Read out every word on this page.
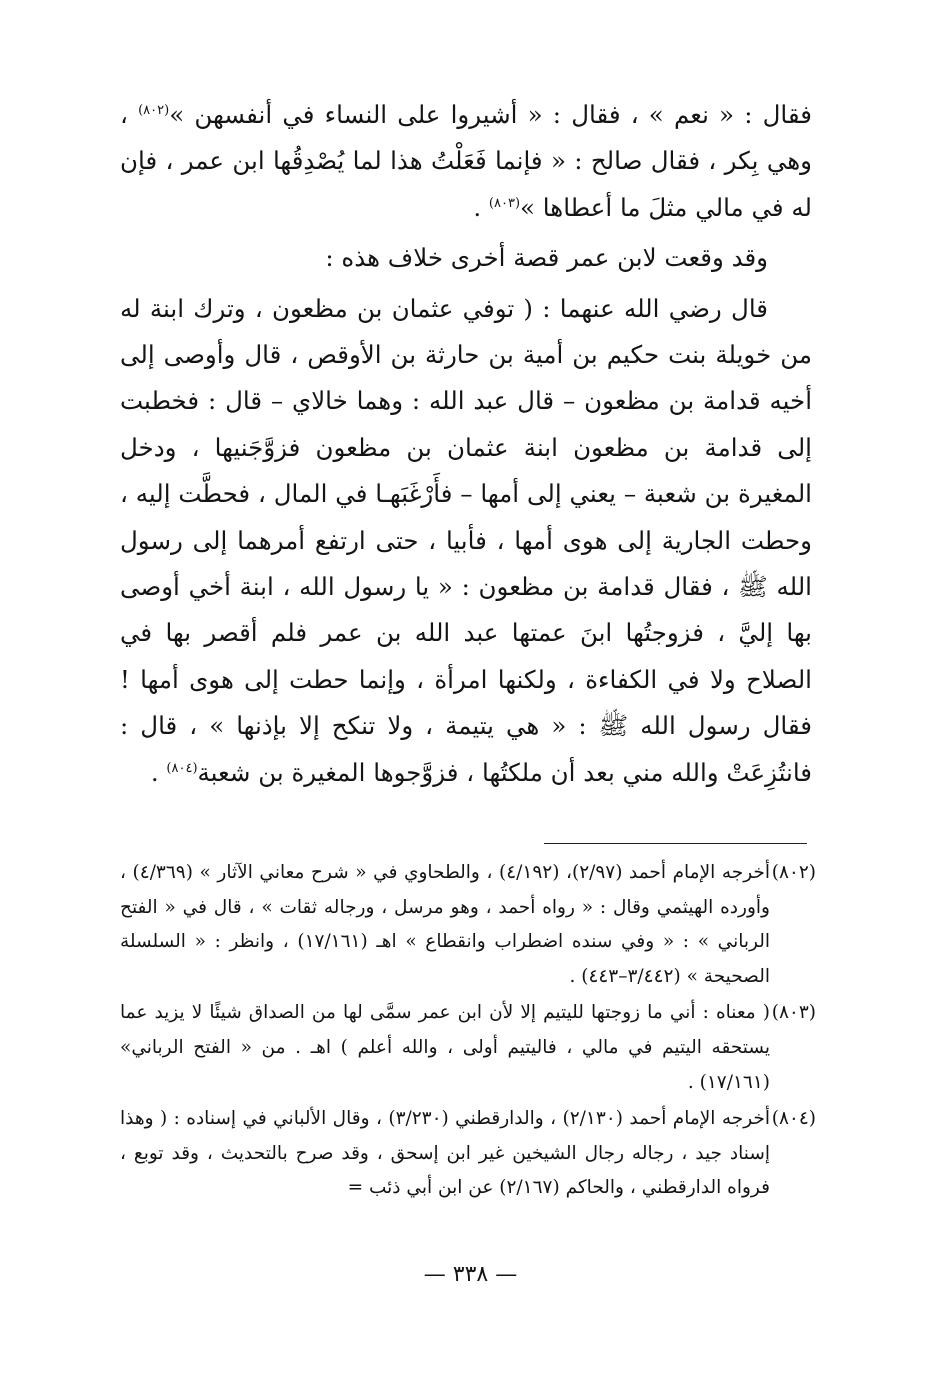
فقال : « نعم » ، فقال : « أشيروا على النساء في أنفسهن »$^{(٨٠٢)}$ ، وهي بِكر ، فقال صالح : « فإنما فَعَلْتُ هذا لما يُصْدِقُها ابن عمر ، فإن له في مالي مثلَ ما أعطاها »$^{(٨٠٣)}$ .

وقد وقعت لابن عمر قصة أخرى خلاف هذه :

قال رضي الله عنهما : ( توفي عثمان بن مظعون ، وترك ابنة له من خويلة بنت حكيم بن أمية بن حارثة بن الأوقص ، قال وأوصى إلى أخيه قدامة بن مظعون – قال عبد الله : وهما خالاي – قال : فخطبت إلى قدامة بن مظعون ابنة عثمان بن مظعون فزوَّجَنيها ، ودخل المغيرة بن شعبة – يعني إلى أمها – فأَرْغَبَهـا في المال ، فحطَّت إليه ، وحطت الجارية إلى هوى أمها ، فأبيا ، حتى ارتفع أمرهما إلى رسول الله ﷺ ، فقال قدامة بن مظعون : « يا رسول الله ، ابنة أخي أوصى بها إليَّ ، فزوجتُها ابنَ عمتها عبد الله بن عمر فلم أقصر بها في الصلاح ولا في الكفاءة ، ولكنها امرأة ، وإنما حطت إلى هوى أمها ! فقال رسول الله ﷺ : « هي يتيمة ، ولا تنكح إلا بإذنها » ، قال : فانتُزِعَتْ والله مني بعد أن ملكتُها ، فزوَّجوها المغيرة بن شعبة$^{(٨٠٤)}$ .

(٨٠٢)
أخرجه الإمام أحمد (٢/٩٧)، (٤/١٩٢) ، والطحاوي في « شرح معاني الآثار » (٤/٣٦٩) ، وأورده الهيثمي وقال : « رواه أحمد ، وهو مرسل ، ورجاله ثقات » ، قال في « الفتح الرباني » : « وفي سنده اضطراب وانقطاع » اهـ (١٧/١٦١) ، وانظر : « السلسلة الصحيحة » (٣/٤٤٢–٤٤٣) .

(٨٠٣)
( معناه : أني ما زوجتها لليتيم إلا لأن ابن عمر سمَّى لها من الصداق شيئًا لا يزيد عما يستحقه اليتيم في مالي ، فاليتيم أولى ، والله أعلم ) اهـ . من « الفتح الرباني» (١٧/١٦١) .

(٨٠٤)
أخرجه الإمام أحمد (٢/١٣٠) ، والدارقطني (٣/٢٣٠) ، وقال الألباني في إسناده : ( وهذا إسناد جيد ، رجاله رجال الشيخين غير ابن إسحق ، وقد صرح بالتحديث ، وقد توبع ، فرواه الدارقطني ، والحاكم (٢/١٦٧) عن ابن أبي ذئب =

— ٣٣٨ —
